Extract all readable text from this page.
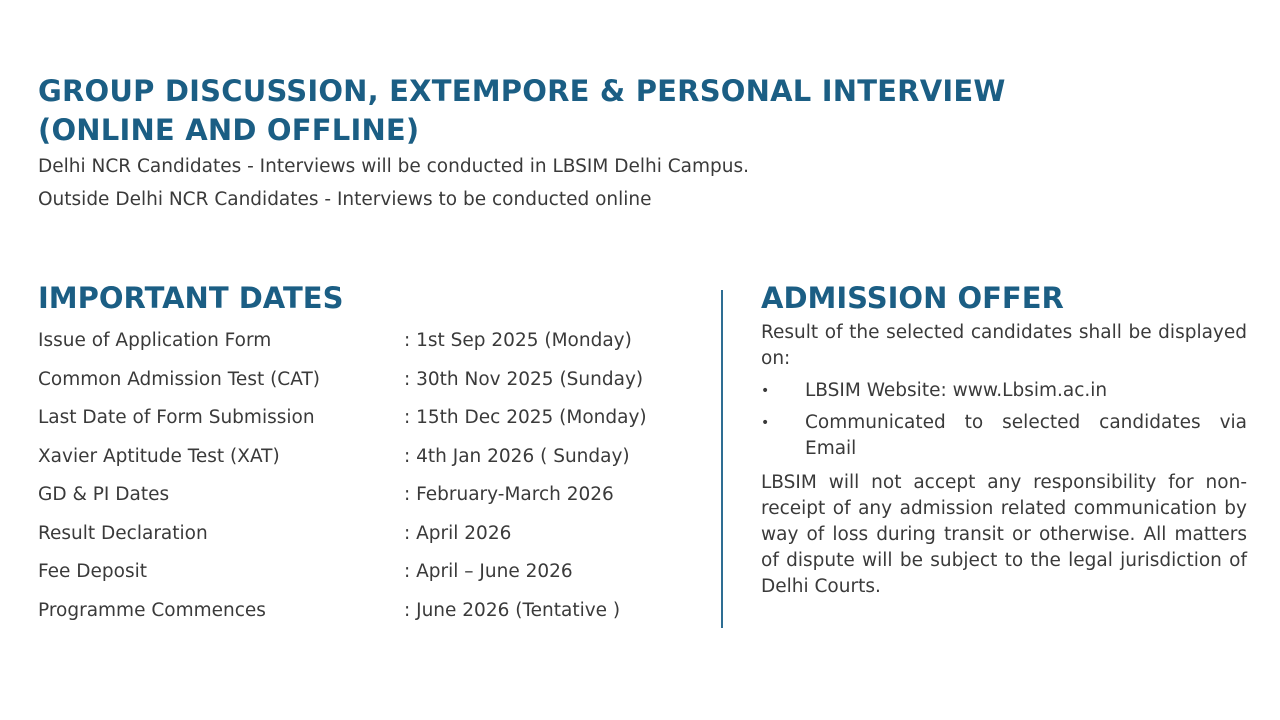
GROUP DISCUSSION, EXTEMPORE & PERSONAL INTERVIEW
(ONLINE AND OFFLINE)
Delhi NCR Candidates - Interviews will be conducted in LBSIM Delhi Campus.
Outside Delhi NCR Candidates - Interviews to be conducted online
IMPORTANT DATES
Issue of Application Form	: 1st Sep 2025 (Monday)
Common Admission Test (CAT)	: 30th Nov 2025 (Sunday)
Last Date of Form Submission	: 15th Dec 2025 (Monday)
Xavier Aptitude Test (XAT)	: 4th Jan 2026 ( Sunday)
GD & PI Dates	: February-March 2026
Result Declaration	: April 2026
Fee Deposit	: April – June 2026
Programme Commences	: June 2026 (Tentative )
ADMISSION OFFER
Result of the selected candidates shall be displayed on:
•	LBSIM Website: www.Lbsim.ac.in
•	Communicated to selected candidates via Email
LBSIM will not accept any responsibility for non-receipt of any admission related communication by way of loss during transit or otherwise. All matters of dispute will be subject to the legal jurisdiction of Delhi Courts.
